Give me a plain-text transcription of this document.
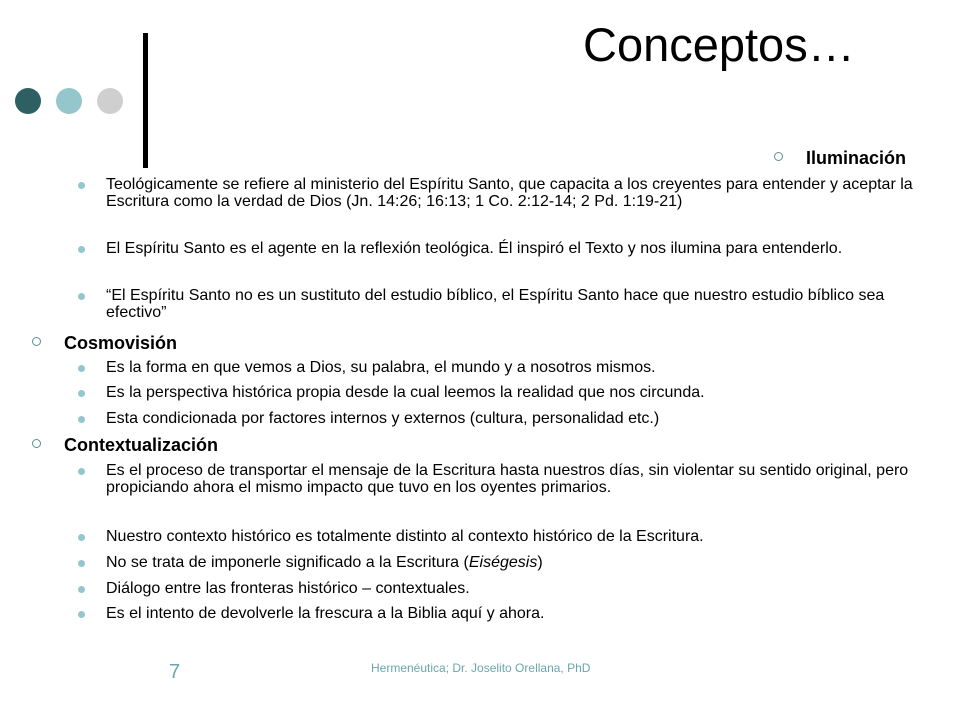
Conceptos…
Iluminación
Teológicamente se refiere al ministerio del Espíritu Santo, que capacita a los creyentes para entender y aceptar la Escritura como la verdad de Dios (Jn. 14:26; 16:13; 1 Co. 2:12-14; 2 Pd. 1:19-21)
El Espíritu Santo es el agente en la reflexión teológica. Él inspiró el Texto y nos ilumina para entenderlo.
“El Espíritu Santo no es un sustituto del estudio bíblico, el Espíritu Santo hace que nuestro estudio bíblico sea efectivo”
Cosmovisión
Es la forma en que vemos a Dios, su palabra, el mundo y a nosotros mismos.
Es la perspectiva histórica propia desde la cual leemos la realidad que nos circunda.
Esta condicionada por factores internos y externos (cultura, personalidad etc.)
Contextualización
Es el proceso de transportar el mensaje de la Escritura hasta nuestros días, sin violentar su sentido original, pero propiciando ahora el mismo impacto que tuvo en los oyentes primarios.
Nuestro contexto histórico es totalmente distinto al contexto histórico de la Escritura.
No se trata de imponerle significado a la Escritura (Eiségesis)
Diálogo entre las fronteras histórico – contextuales.
Es el intento de devolverle la frescura a la Biblia aquí y ahora.
7	Hermenéutica; Dr. Joselito Orellana, PhD
